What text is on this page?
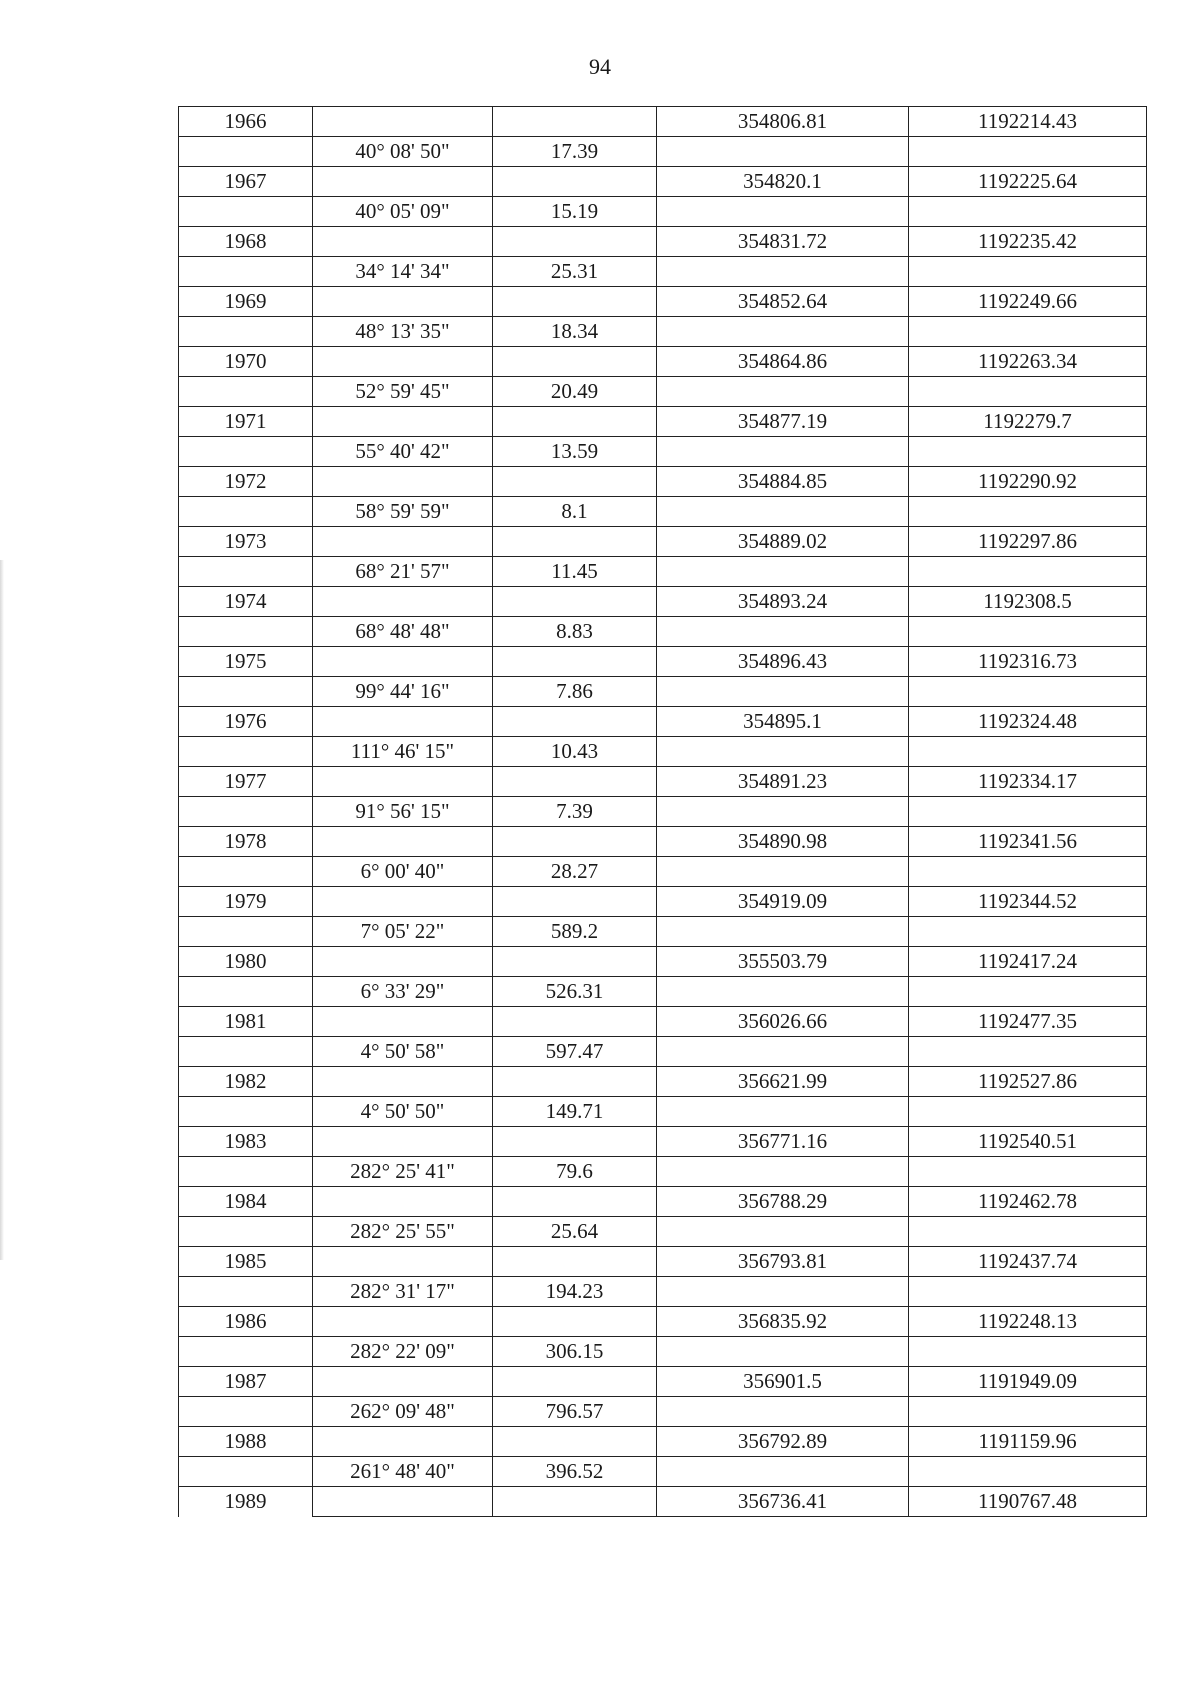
94
1966			354806.81	1192214.43
	40° 08' 50"	17.39		
1967			354820.1	1192225.64
	40° 05' 09"	15.19		
1968			354831.72	1192235.42
	34° 14' 34"	25.31		
1969			354852.64	1192249.66
	48° 13' 35"	18.34		
1970			354864.86	1192263.34
	52° 59' 45"	20.49		
1971			354877.19	1192279.7
	55° 40' 42"	13.59		
1972			354884.85	1192290.92
	58° 59' 59"	8.1		
1973			354889.02	1192297.86
	68° 21' 57"	11.45		
1974			354893.24	1192308.5
	68° 48' 48"	8.83		
1975			354896.43	1192316.73
	99° 44' 16"	7.86		
1976			354895.1	1192324.48
	111° 46' 15"	10.43		
1977			354891.23	1192334.17
	91° 56' 15"	7.39		
1978			354890.98	1192341.56
	6° 00' 40"	28.27		
1979			354919.09	1192344.52
	7° 05' 22"	589.2		
1980			355503.79	1192417.24
	6° 33' 29"	526.31		
1981			356026.66	1192477.35
	4° 50' 58"	597.47		
1982			356621.99	1192527.86
	4° 50' 50"	149.71		
1983			356771.16	1192540.51
	282° 25' 41"	79.6		
1984			356788.29	1192462.78
	282° 25' 55"	25.64		
1985			356793.81	1192437.74
	282° 31' 17"	194.23		
1986			356835.92	1192248.13
	282° 22' 09"	306.15		
1987			356901.5	1191949.09
	262° 09' 48"	796.57		
1988			356792.89	1191159.96
	261° 48' 40"	396.52		
1989			356736.41	1190767.48
